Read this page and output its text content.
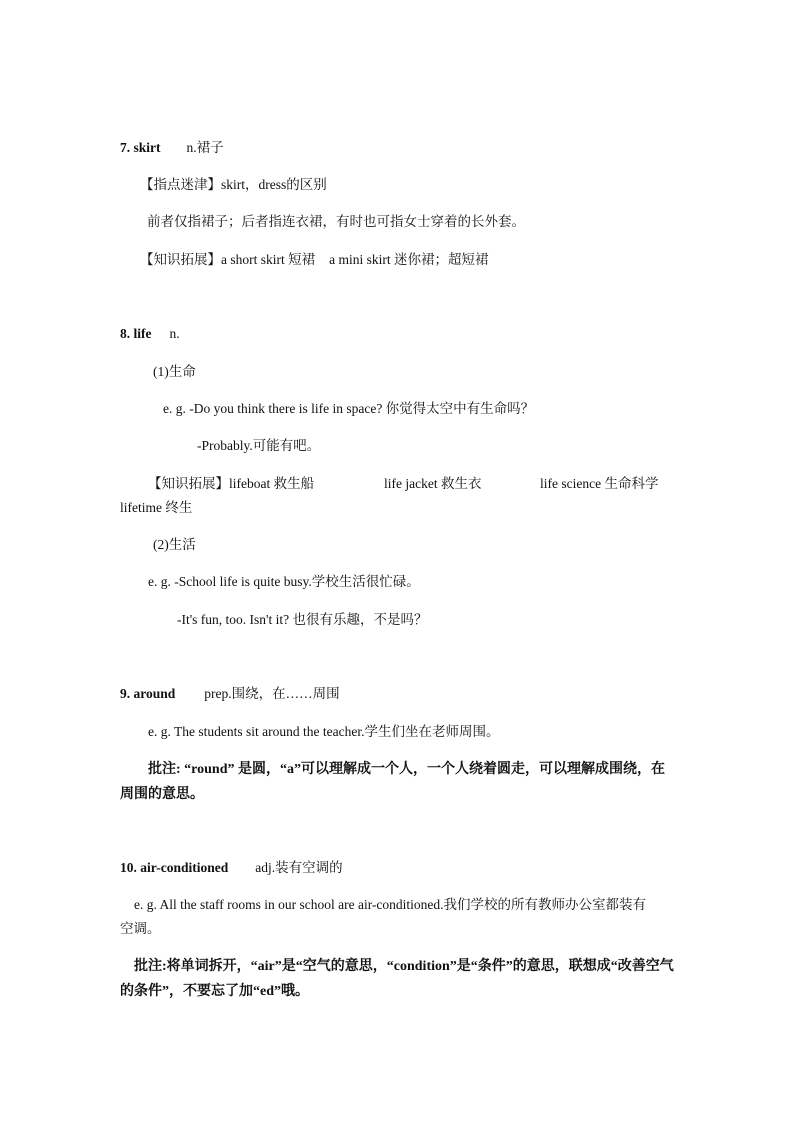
7. skirt n.裙子
【指点迷津】skirt，dress的区别
前者仅指裙子；后者指连衣裙，有时也可指女士穿着的长外套。
【知识拓展】a short skirt 短裙 a mini skirt 迷你裙；超短裙
8. life n.
(1)生命
e. g. -Do you think there is life in space? 你觉得太空中有生命吗？
-Probably.可能有吧。
【知识拓展】lifeboat 救生船	life jacket 救生衣	life science 生命科学
lifetime 终生
(2)生活
e. g. -School life is quite busy.学校生活很忙碌。
-It's fun, too. Isn't it? 也很有乐趣，不是吗？
9. around prep.围绕，在……周围
e. g. The students sit around the teacher.学生们坐在老师周围。
批注: “round” 是圆，“a”可以理解成一个人，一个人绕着圆走，可以理解成围绕，在
周围的意思。
10. air-conditioned adj.装有空调的
e. g. All the staff rooms in our school are air-conditioned.我们学校的所有教师办公室都装有
空调。
批注:将单词拆开，“air”是“空气的意思，“condition”是“条件”的意思，联想成“改善空气
的条件”，不要忘了加“ed”哦。
